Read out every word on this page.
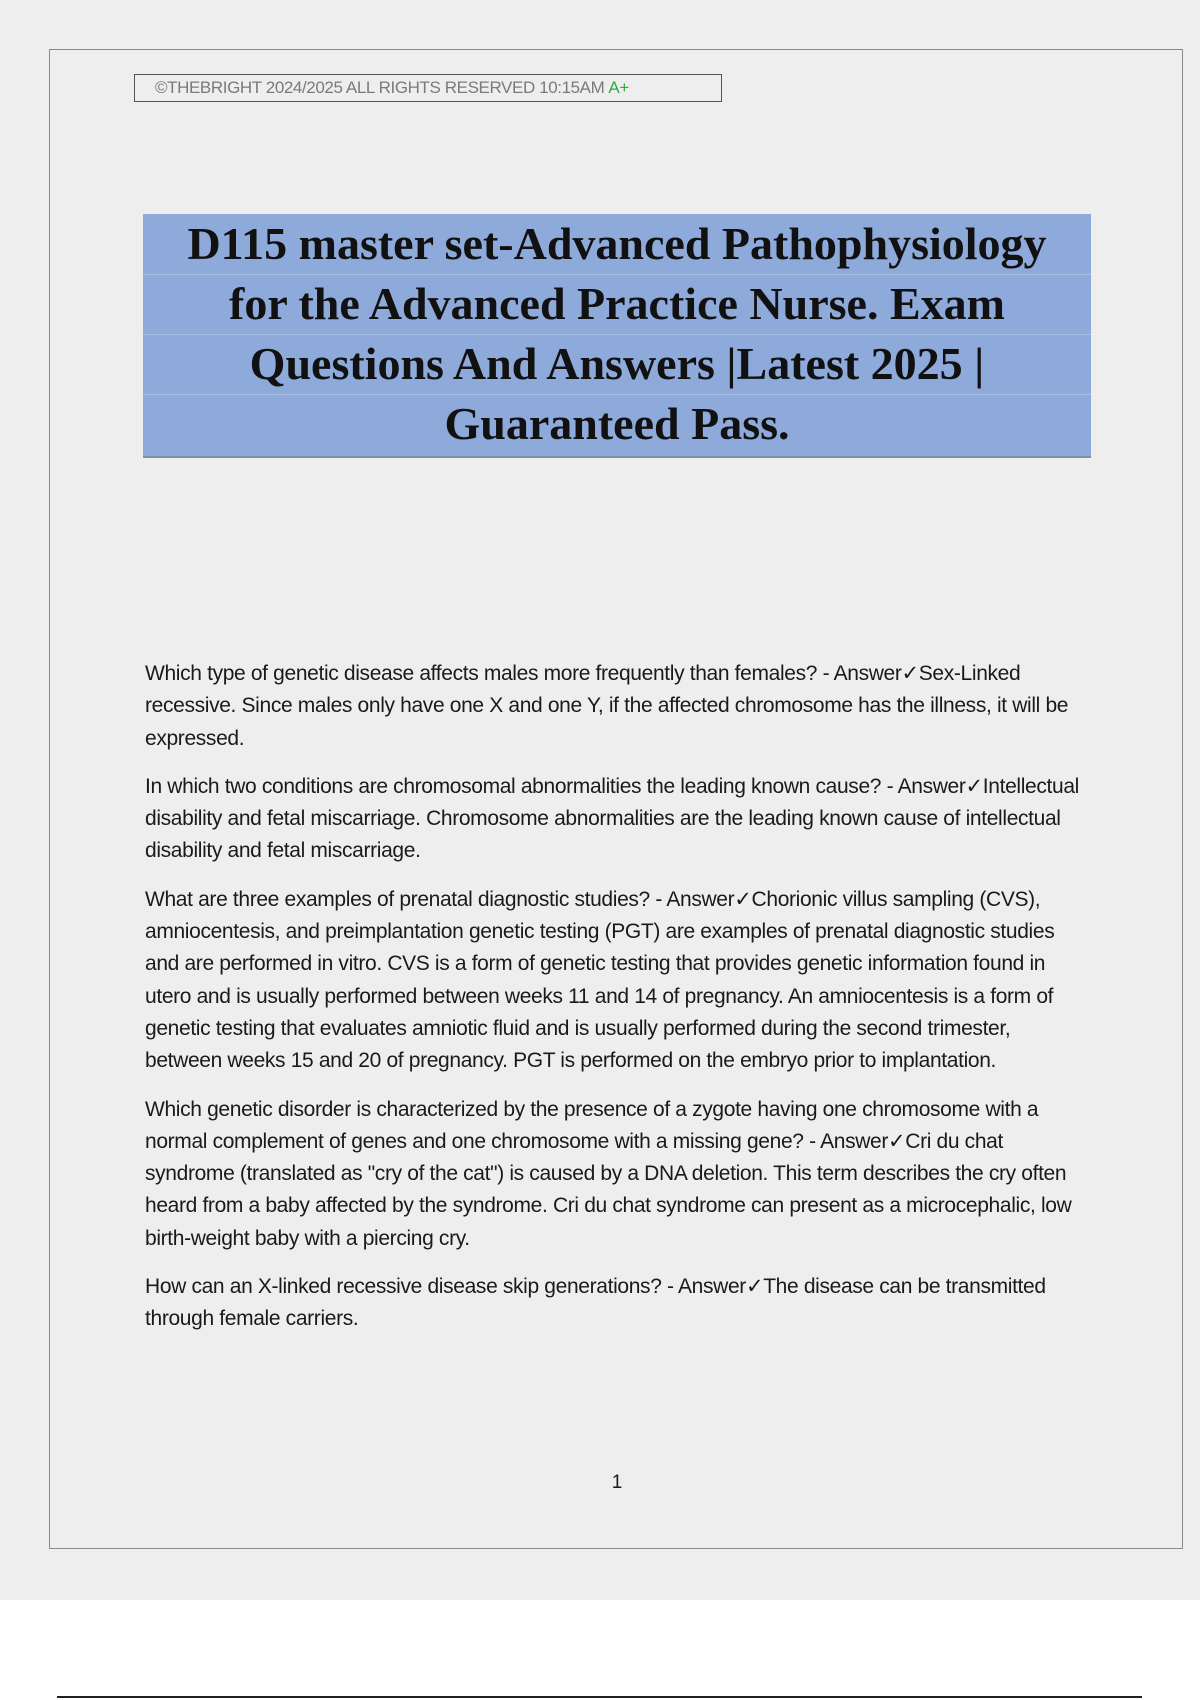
©THEBRIGHT 2024/2025 ALL RIGHTS RESERVED 10:15AM A+
D115 master set-Advanced Pathophysiology
for the Advanced Practice Nurse. Exam
Questions And Answers |Latest 2025 |
Guaranteed Pass.

Which type of genetic disease affects males more frequently than females? - Answer✓Sex-Linked recessive. Since males only have one X and one Y, if the affected chromosome has the illness, it will be expressed.

In which two conditions are chromosomal abnormalities the leading known cause? - Answer✓Intellectual disability and fetal miscarriage. Chromosome abnormalities are the leading known cause of intellectual disability and fetal miscarriage.

What are three examples of prenatal diagnostic studies? - Answer✓Chorionic villus sampling (CVS), amniocentesis, and preimplantation genetic testing (PGT) are examples of prenatal diagnostic studies and are performed in vitro. CVS is a form of genetic testing that provides genetic information found in utero and is usually performed between weeks 11 and 14 of pregnancy. An amniocentesis is a form of genetic testing that evaluates amniotic fluid and is usually performed during the second trimester, between weeks 15 and 20 of pregnancy. PGT is performed on the embryo prior to implantation.

Which genetic disorder is characterized by the presence of a zygote having one chromosome with a normal complement of genes and one chromosome with a missing gene? - Answer✓Cri du chat syndrome (translated as "cry of the cat") is caused by a DNA deletion. This term describes the cry often heard from a baby affected by the syndrome. Cri du chat syndrome can present as a microcephalic, low birth-weight baby with a piercing cry.

How can an X-linked recessive disease skip generations? - Answer✓The disease can be transmitted through female carriers.

1
